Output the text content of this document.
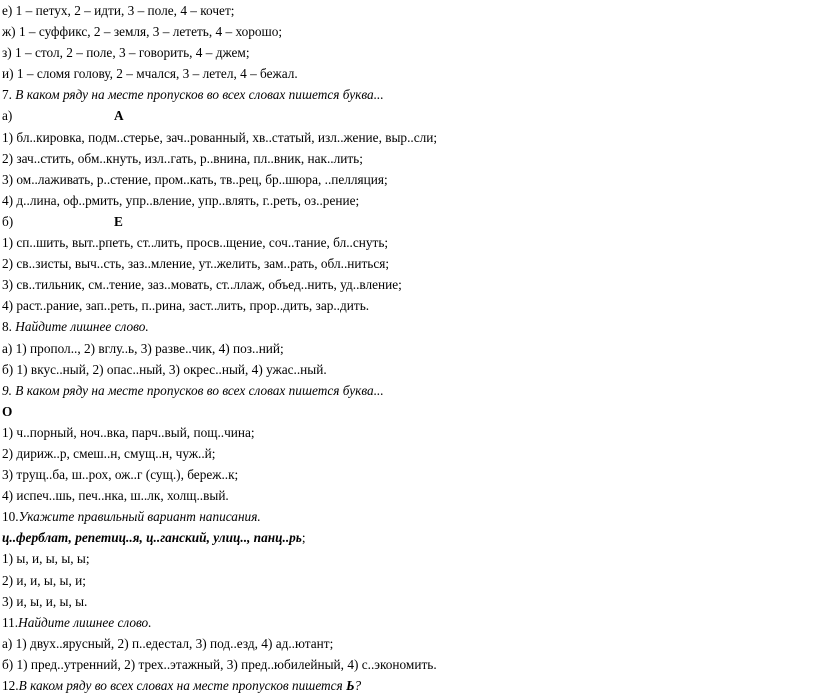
е) 1 – петух, 2 – идти, 3 – поле, 4 – кочет;
ж) 1 – суффикс, 2 – земля, 3 – лететь, 4 – хорошо;
з) 1 – стол, 2 – поле, 3 – говорить, 4 – джем;
и) 1 – сломя голову, 2 – мчался, 3 – летел, 4 – бежал.
7. В каком ряду на месте пропусков во всех словах пишется буква...
а)	А
1) бл..кировка, подм..стерье, зач..рованный, хв..статый, изл..жение, выр..сли;
2) зач..стить, обм..кнуть, изл..гать, р..внина, пл..вник, нак..лить;
3) ом..лаживать, р..стение, пром..кать, тв..рец, бр..шюра, ..пелляция;
4) д..лина, оф..рмить, упр..вление, упр..влять, г..реть, оз..рение;
б)	Е
1) сп..шить, выт..рпеть, ст..лить, просв..щение, соч..тание, бл..снуть;
2) св..зисты, выч..сть, заз..мление, ут..желить, зам..рать, обл..ниться;
3) св..тильник, см..тение, заз..мовать, ст..ллаж, объед..нить, уд..вление;
4) раст..рание, зап..реть, п..рина, заст..лить, прор..дить, зар..дить.
8. Найдите лишнее слово.
а) 1) пропол.., 2) вглу..ь, 3) разве..чик, 4) поз..ний;
б) 1) вкус..ный, 2) опас..ный, 3) окрес..ный, 4) ужас..ный.
9. В каком ряду на месте пропусков во всех словах пишется буква...
О
1) ч..порный, ноч..вка, парч..вый, пощ..чина;
2) дириж..р, смеш..н, смущ..н, чуж..й;
3) трущ..ба, ш..рох, ож..г (сущ.), береж..к;
4) испеч..шь, печ..нка, ш..лк, холщ..вый.
10.Укажите правильный вариант написания.
ц..ферблат, репетиц..я, ц..ганский, улиц.., панц..рь;
1) ы, и, ы, ы, ы;
2) и, и, ы, ы, и;
3) и, ы, и, ы, ы.
11.Найдите лишнее слово.
а) 1) двух..ярусный, 2) п..едестал, 3) под..езд, 4) ад..ютант;
б) 1) пред..утренний, 2) трех..этажный, 3) пред..юбилейный, 4) с..экономить.
12.В каком ряду во всех словах на месте пропусков пишется Ь?
